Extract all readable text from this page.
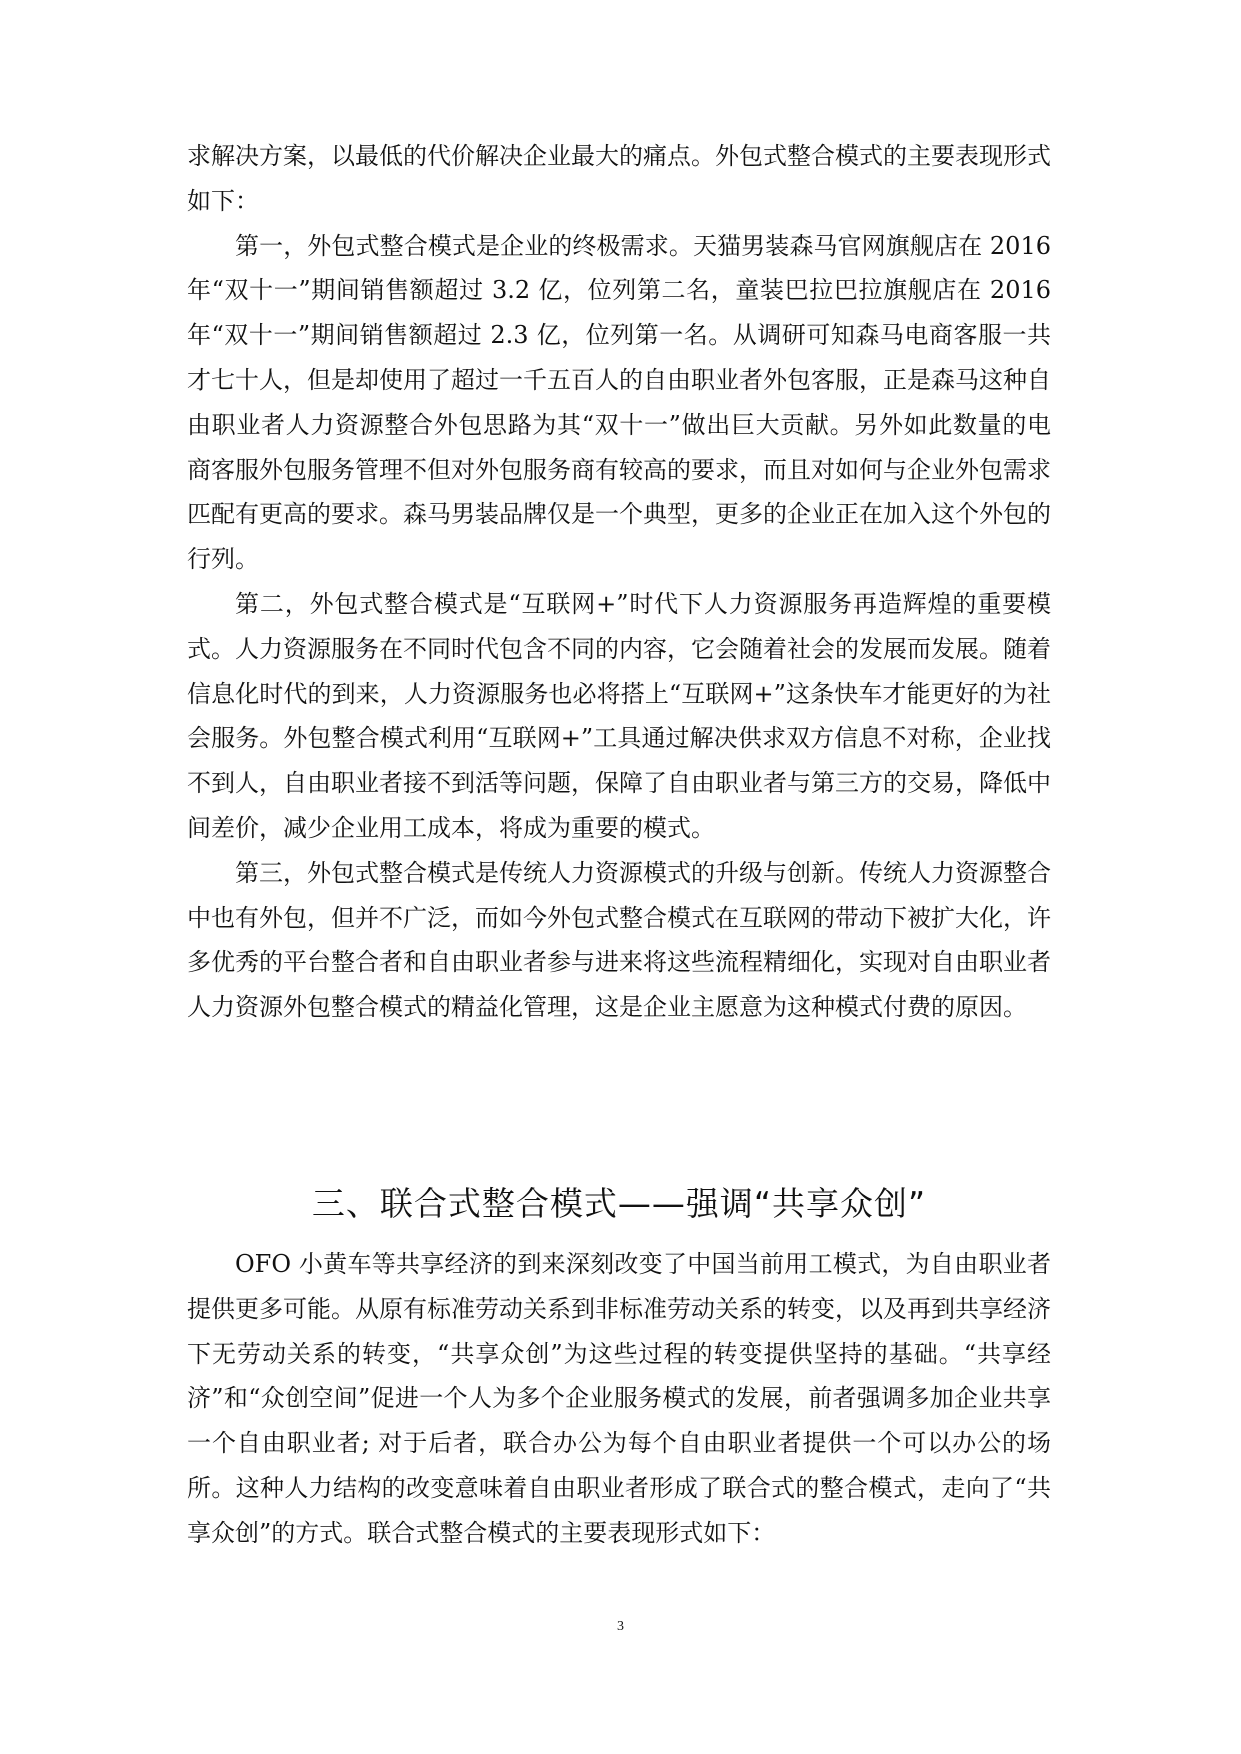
求解决方案，以最低的代价解决企业最大的痛点。外包式整合模式的主要表现形式如下：

第一，外包式整合模式是企业的终极需求。天猫男装森马官网旗舰店在 2016 年“双十一”期间销售额超过 3.2 亿，位列第二名，童装巴拉巴拉旗舰店在 2016 年“双十一”期间销售额超过 2.3 亿，位列第一名。从调研可知森马电商客服一共才七十人，但是却使用了超过一千五百人的自由职业者外包客服，正是森马这种自由职业者人力资源整合外包思路为其“双十一”做出巨大贡献。另外如此数量的电商客服外包服务管理不但对外包服务商有较高的要求，而且对如何与企业外包需求匹配有更高的要求。森马男装品牌仅是一个典型，更多的企业正在加入这个外包的行列。

第二，外包式整合模式是“互联网+”时代下人力资源服务再造辉煌的重要模式。人力资源服务在不同时代包含不同的内容，它会随着社会的发展而发展。随着信息化时代的到来，人力资源服务也必将搭上“互联网+”这条快车才能更好的为社会服务。外包整合模式利用“互联网+”工具通过解决供求双方信息不对称，企业找不到人，自由职业者接不到活等问题，保障了自由职业者与第三方的交易，降低中间差价，减少企业用工成本，将成为重要的模式。

第三，外包式整合模式是传统人力资源模式的升级与创新。传统人力资源整合中也有外包，但并不广泛，而如今外包式整合模式在互联网的带动下被扩大化，许多优秀的平台整合者和自由职业者参与进来将这些流程精细化，实现对自由职业者人力资源外包整合模式的精益化管理，这是企业主愿意为这种模式付费的原因。

三、联合式整合模式——强调“共享众创”

OFO 小黄车等共享经济的到来深刻改变了中国当前用工模式，为自由职业者提供更多可能。从原有标准劳动关系到非标准劳动关系的转变，以及再到共享经济下无劳动关系的转变，“共享众创”为这些过程的转变提供坚持的基础。“共享经济”和“众创空间”促进一个人为多个企业服务模式的发展，前者强调多加企业共享一个自由职业者; 对于后者，联合办公为每个自由职业者提供一个可以办公的场所。这种人力结构的改变意味着自由职业者形成了联合式的整合模式，走向了“共享众创”的方式。联合式整合模式的主要表现形式如下：

3
